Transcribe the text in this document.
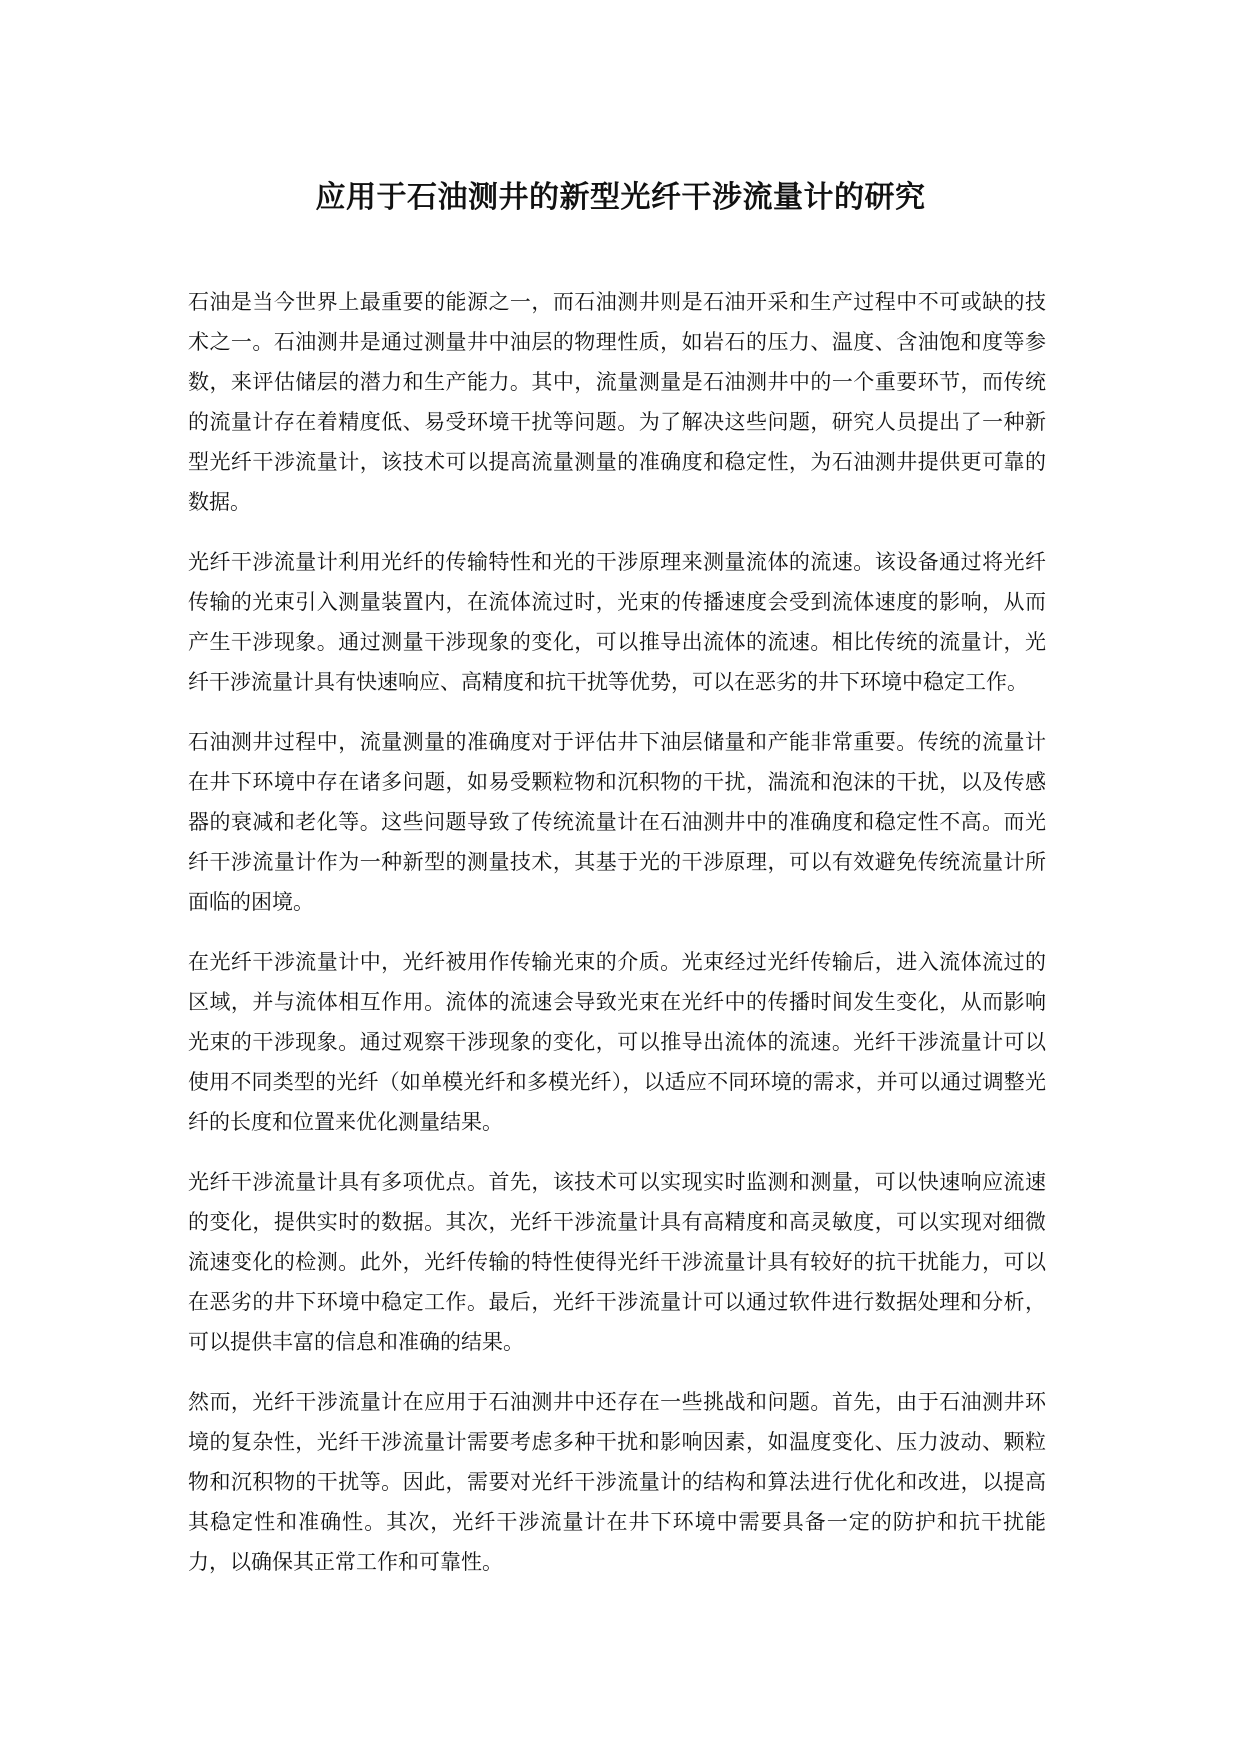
应用于石油测井的新型光纤干涉流量计的研究

石油是当今世界上最重要的能源之一，而石油测井则是石油开采和生产过程中不可或缺的技术之一。石油测井是通过测量井中油层的物理性质，如岩石的压力、温度、含油饱和度等参数，来评估储层的潜力和生产能力。其中，流量测量是石油测井中的一个重要环节，而传统的流量计存在着精度低、易受环境干扰等问题。为了解决这些问题，研究人员提出了一种新型光纤干涉流量计，该技术可以提高流量测量的准确度和稳定性，为石油测井提供更可靠的数据。

光纤干涉流量计利用光纤的传输特性和光的干涉原理来测量流体的流速。该设备通过将光纤传输的光束引入测量装置内，在流体流过时，光束的传播速度会受到流体速度的影响，从而产生干涉现象。通过测量干涉现象的变化，可以推导出流体的流速。相比传统的流量计，光纤干涉流量计具有快速响应、高精度和抗干扰等优势，可以在恶劣的井下环境中稳定工作。

石油测井过程中，流量测量的准确度对于评估井下油层储量和产能非常重要。传统的流量计在井下环境中存在诸多问题，如易受颗粒物和沉积物的干扰，湍流和泡沫的干扰，以及传感器的衰减和老化等。这些问题导致了传统流量计在石油测井中的准确度和稳定性不高。而光纤干涉流量计作为一种新型的测量技术，其基于光的干涉原理，可以有效避免传统流量计所面临的困境。

在光纤干涉流量计中，光纤被用作传输光束的介质。光束经过光纤传输后，进入流体流过的区域，并与流体相互作用。流体的流速会导致光束在光纤中的传播时间发生变化，从而影响光束的干涉现象。通过观察干涉现象的变化，可以推导出流体的流速。光纤干涉流量计可以使用不同类型的光纤（如单模光纤和多模光纤），以适应不同环境的需求，并可以通过调整光纤的长度和位置来优化测量结果。

光纤干涉流量计具有多项优点。首先，该技术可以实现实时监测和测量，可以快速响应流速的变化，提供实时的数据。其次，光纤干涉流量计具有高精度和高灵敏度，可以实现对细微流速变化的检测。此外，光纤传输的特性使得光纤干涉流量计具有较好的抗干扰能力，可以在恶劣的井下环境中稳定工作。最后，光纤干涉流量计可以通过软件进行数据处理和分析，可以提供丰富的信息和准确的结果。

然而，光纤干涉流量计在应用于石油测井中还存在一些挑战和问题。首先，由于石油测井环境的复杂性，光纤干涉流量计需要考虑多种干扰和影响因素，如温度变化、压力波动、颗粒物和沉积物的干扰等。因此，需要对光纤干涉流量计的结构和算法进行优化和改进，以提高其稳定性和准确性。其次，光纤干涉流量计在井下环境中需要具备一定的防护和抗干扰能力，以确保其正常工作和可靠性。
